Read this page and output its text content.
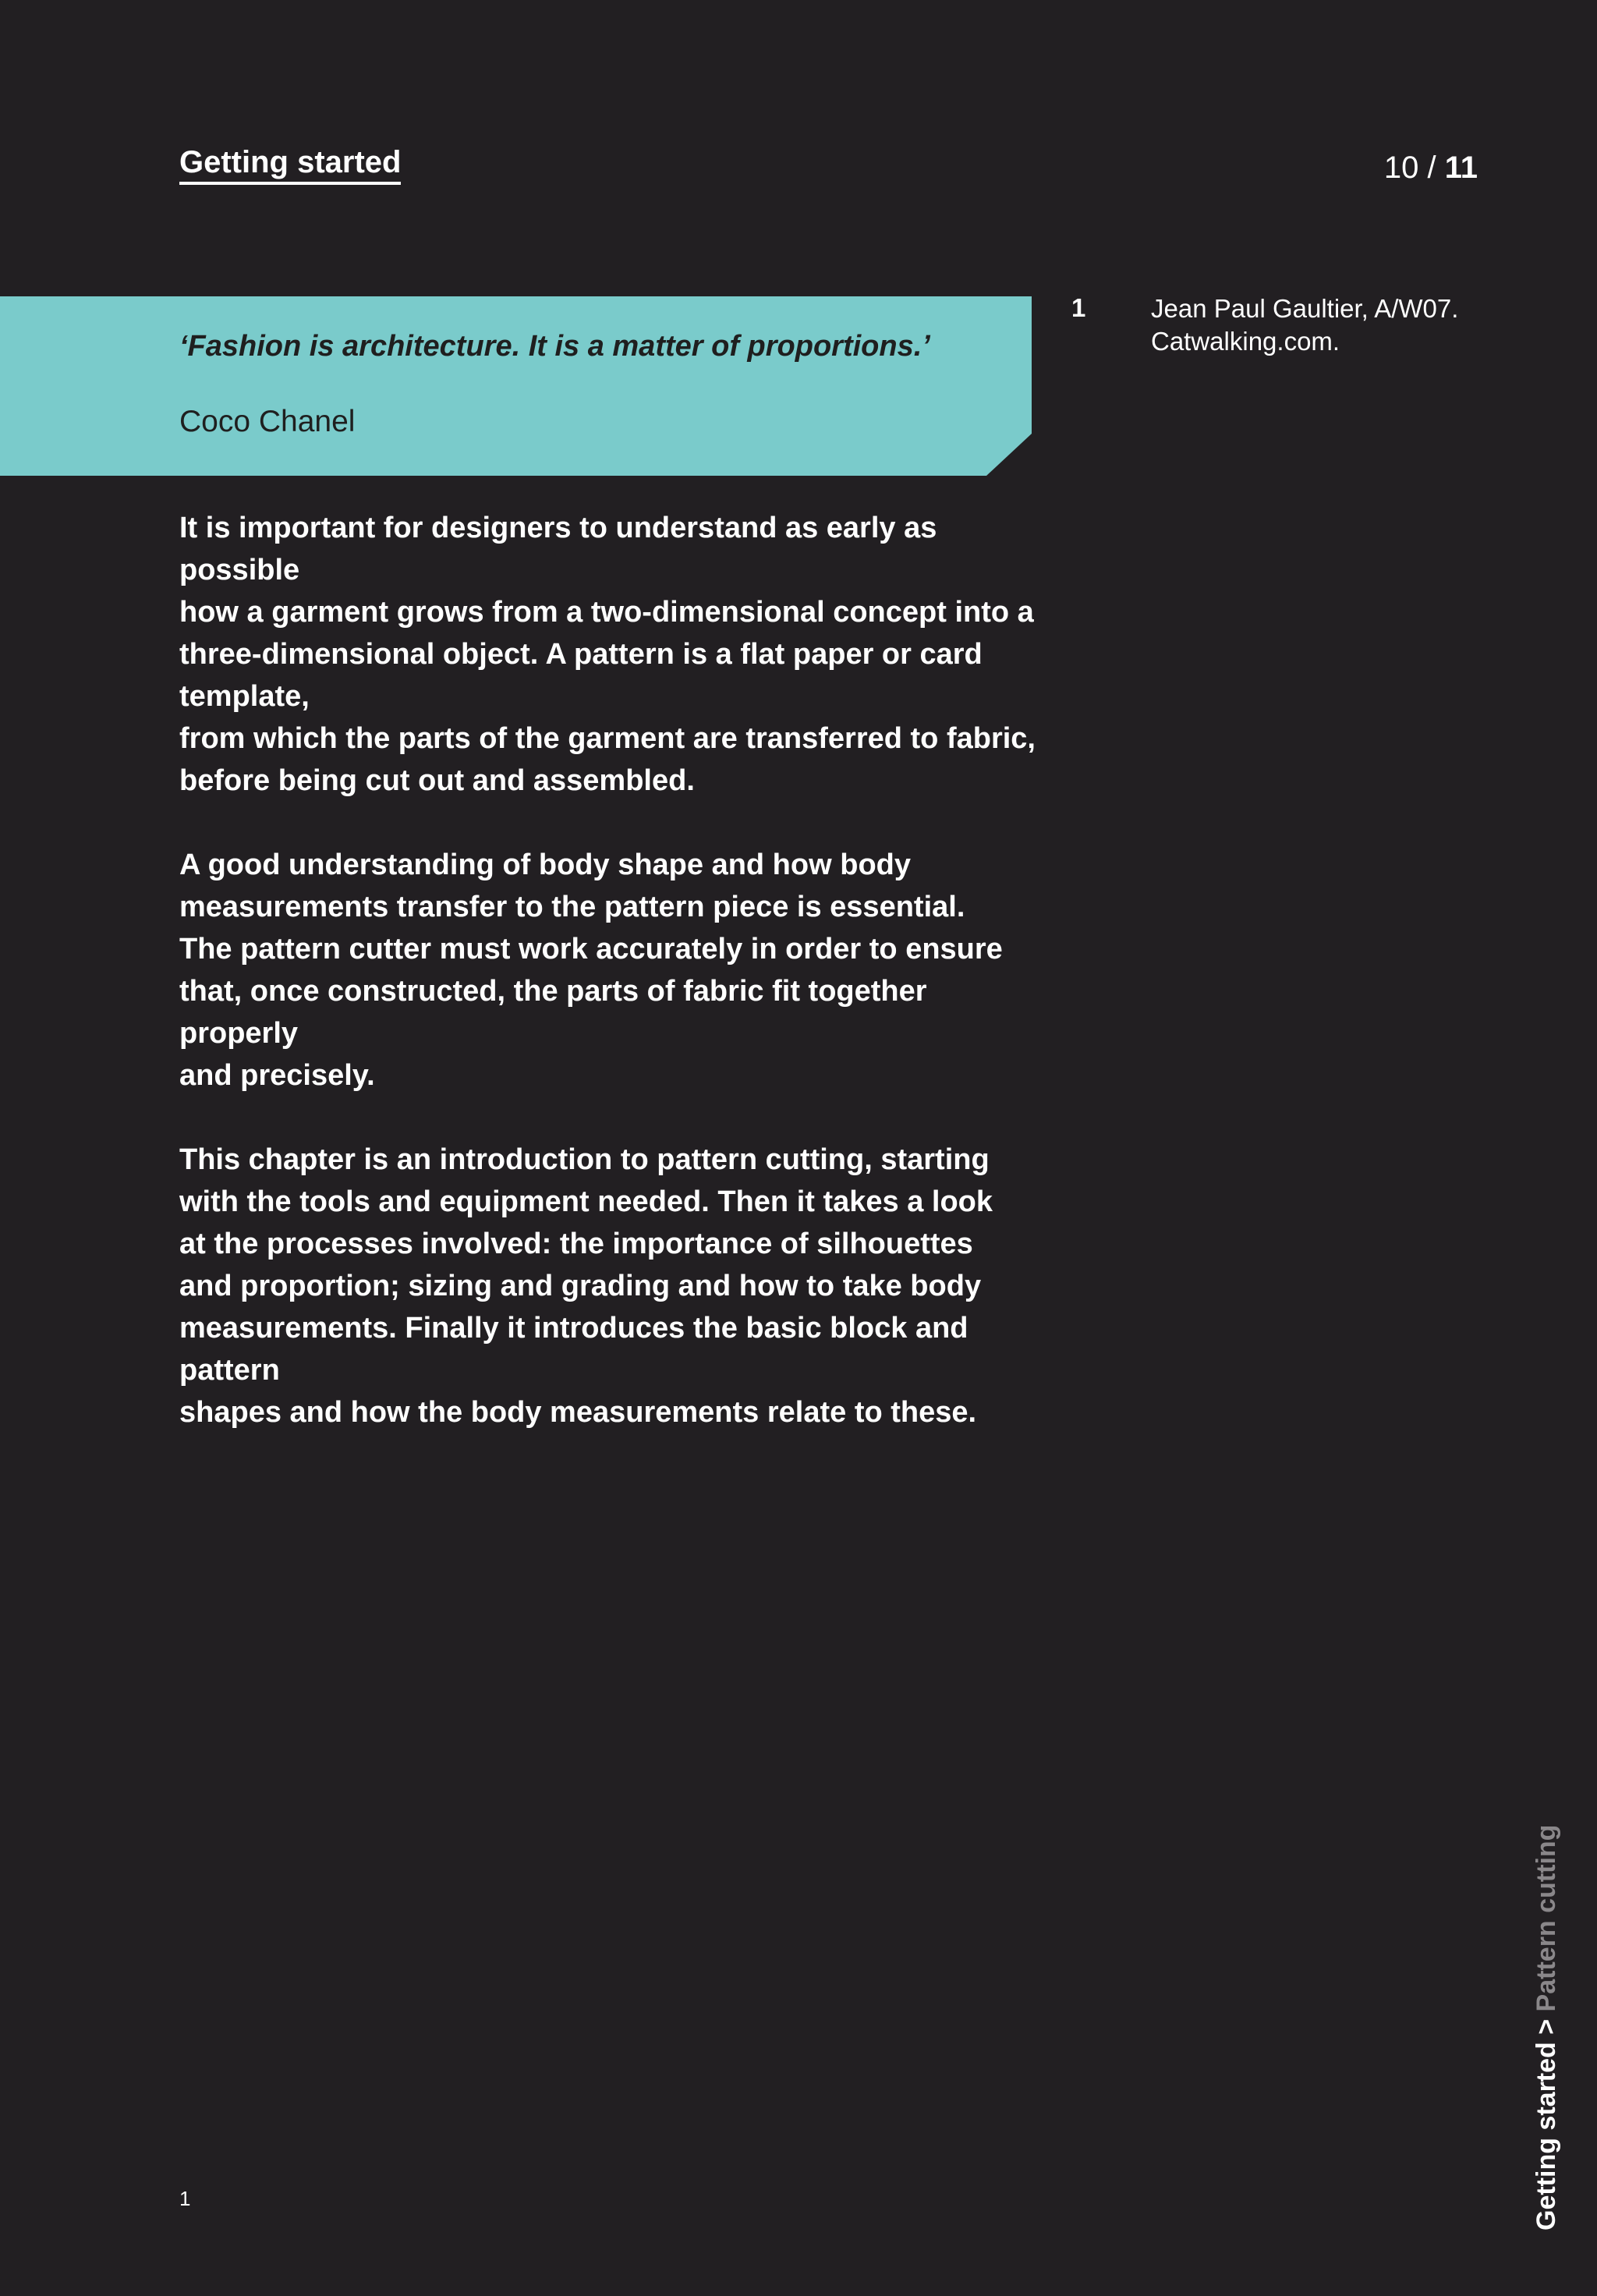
Getting started	10 / 11
‘Fashion is architecture. It is a matter of proportions.’
Coco Chanel

It is important for designers to understand as early as possible
how a garment grows from a two-dimensional concept into a
three-dimensional object. A pattern is a flat paper or card template,
from which the parts of the garment are transferred to fabric,
before being cut out and assembled.

A good understanding of body shape and how body
measurements transfer to the pattern piece is essential.
The pattern cutter must work accurately in order to ensure
that, once constructed, the parts of fabric fit together properly
and precisely.

This chapter is an introduction to pattern cutting, starting
with the tools and equipment needed. Then it takes a look
at the processes involved: the importance of silhouettes
and proportion; sizing and grading and how to take body
measurements. Finally it introduces the basic block and pattern
shapes and how the body measurements relate to these.

1	Jean Paul Gaultier, A/W07.
Catwalking.com.
1	Getting started > Pattern cutting
